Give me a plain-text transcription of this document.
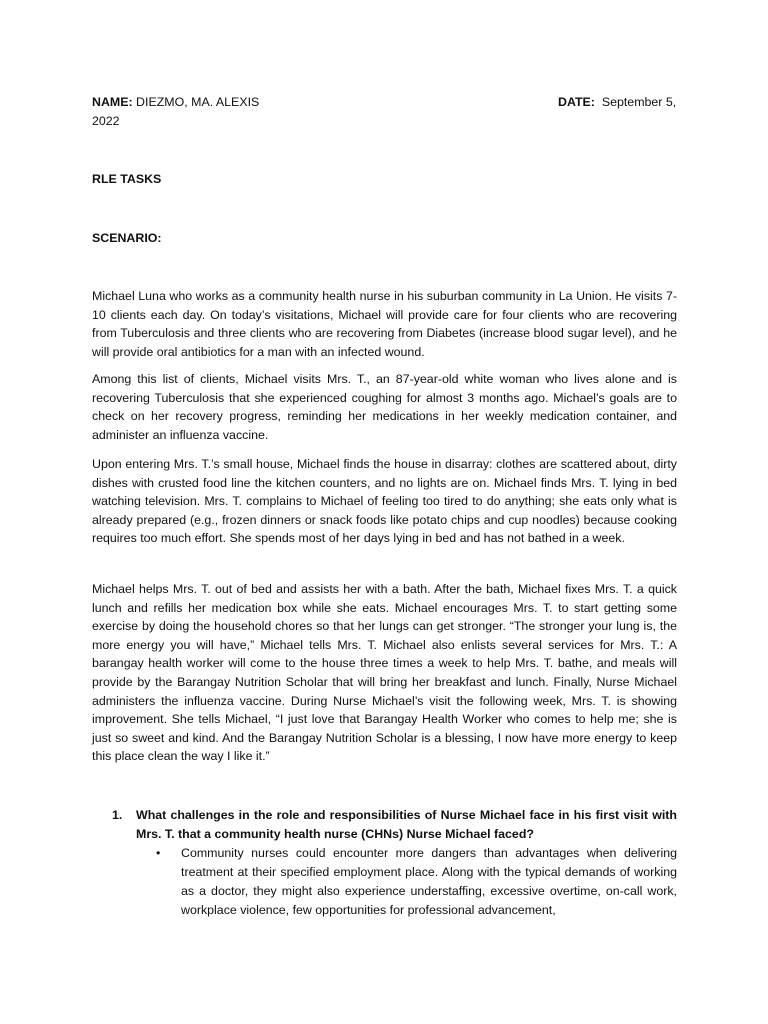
NAME: DIEZMO, MA. ALEXIS	DATE:  September 5,
2022
RLE TASKS
SCENARIO:
Michael Luna who works as a community health nurse in his suburban community in La Union. He visits 7-10 clients each day. On today’s visitations, Michael will provide care for four clients who are recovering from Tuberculosis and three clients who are recovering from Diabetes (increase blood sugar level), and he will provide oral antibiotics for a man with an infected wound.
Among this list of clients, Michael visits Mrs. T., an 87-year-old white woman who lives alone and is recovering Tuberculosis that she experienced coughing for almost 3 months ago. Michael’s goals are to check on her recovery progress, reminding her medications in her weekly medication container, and administer an influenza vaccine.
Upon entering Mrs. T.’s small house, Michael finds the house in disarray: clothes are scattered about, dirty dishes with crusted food line the kitchen counters, and no lights are on. Michael finds Mrs. T. lying in bed watching television. Mrs. T. complains to Michael of feeling too tired to do anything; she eats only what is already prepared (e.g., frozen dinners or snack foods like potato chips and cup noodles) because cooking requires too much effort. She spends most of her days lying in bed and has not bathed in a week.
Michael helps Mrs. T. out of bed and assists her with a bath. After the bath, Michael fixes Mrs. T. a quick lunch and refills her medication box while she eats. Michael encourages Mrs. T. to start getting some exercise by doing the household chores so that her lungs can get stronger. “The stronger your lung is, the more energy you will have,” Michael tells Mrs. T. Michael also enlists several services for Mrs. T.: A barangay health worker will come to the house three times a week to help Mrs. T. bathe, and meals will provide by the Barangay Nutrition Scholar that will bring her breakfast and lunch. Finally, Nurse Michael administers the influenza vaccine. During Nurse Michael’s visit the following week, Mrs. T. is showing improvement. She tells Michael, “I just love that Barangay Health Worker who comes to help me; she is just so sweet and kind. And the Barangay Nutrition Scholar is a blessing, I now have more energy to keep this place clean the way I like it.”
1. What challenges in the role and responsibilities of Nurse Michael face in his first visit with Mrs. T. that a community health nurse (CHNs) Nurse Michael faced?
• Community nurses could encounter more dangers than advantages when delivering treatment at their specified employment place. Along with the typical demands of working as a doctor, they might also experience understaffing, excessive overtime, on-call work, workplace violence, few opportunities for professional advancement,
